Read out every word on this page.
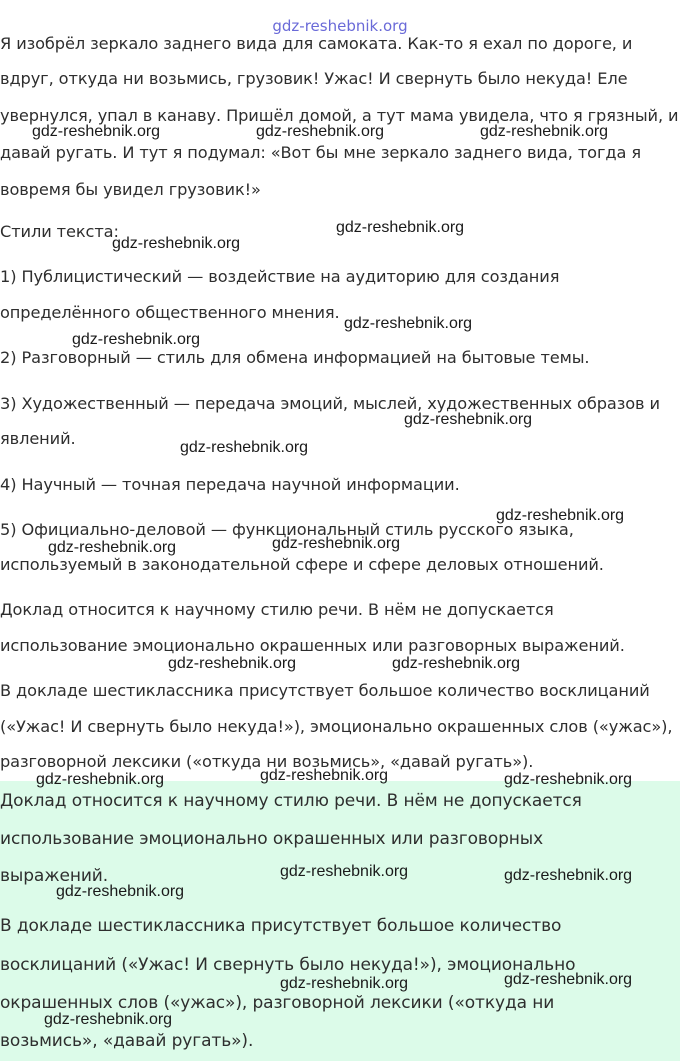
gdz-reshebnik.org

Я изобрёл зеркало заднего вида для самоката. Как-то я ехал по дороге, и

вдруг, откуда ни возьмись, грузовик! Ужас! И свернуть было некуда! Еле

увернулся, упал в канаву. Пришёл домой, а тут мама увидела, что я грязный, и

давай ругать. И тут я подумал: «Вот бы мне зеркало заднего вида, тогда я

вовремя бы увидел грузовик!»

Стили текста:

1) Публицистический — воздействие на аудиторию для создания

определённого общественного мнения.

2) Разговорный — стиль для обмена информацией на бытовые темы.

3) Художественный — передача эмоций, мыслей, художественных образов и

явлений.

4) Научный — точная передача научной информации.

5) Официально-деловой — функциональный стиль русского языка,

используемый в законодательной сфере и сфере деловых отношений.

Доклад относится к научному стилю речи. В нём не допускается

использование эмоционально окрашенных или разговорных выражений.

В докладе шестиклассника присутствует большое количество восклицаний

(«Ужас! И свернуть было некуда!»), эмоционально окрашенных слов («ужас»),

разговорной лексики («откуда ни возьмись», «давай ругать»).

Доклад относится к научному стилю речи. В нём не допускается

использование эмоционально окрашенных или разговорных

выражений.

В докладе шестиклассника присутствует большое количество

восклицаний («Ужас! И свернуть было некуда!»), эмоционально

окрашенных слов («ужас»), разговорной лексики («откуда ни

возьмись», «давай ругать»).

gdz-reshebnik.org	gdz-reshebnik.org	gdz-reshebnik.org

gdz-reshebnik.org

gdz-reshebnik.org

gdz-reshebnik.org

gdz-reshebnik.org

gdz-reshebnik.org

gdz-reshebnik.org

gdz-reshebnik.org

gdz-reshebnik.org

gdz-reshebnik.org

gdz-reshebnik.org	gdz-reshebnik.org

gdz-reshebnik.org

gdz-reshebnik.org	gdz-reshebnik.org

gdz-reshebnik.org	gdz-reshebnik.org

gdz-reshebnik.org

gdz-reshebnik.org

gdz-reshebnik.org

gdz-reshebnik.org
